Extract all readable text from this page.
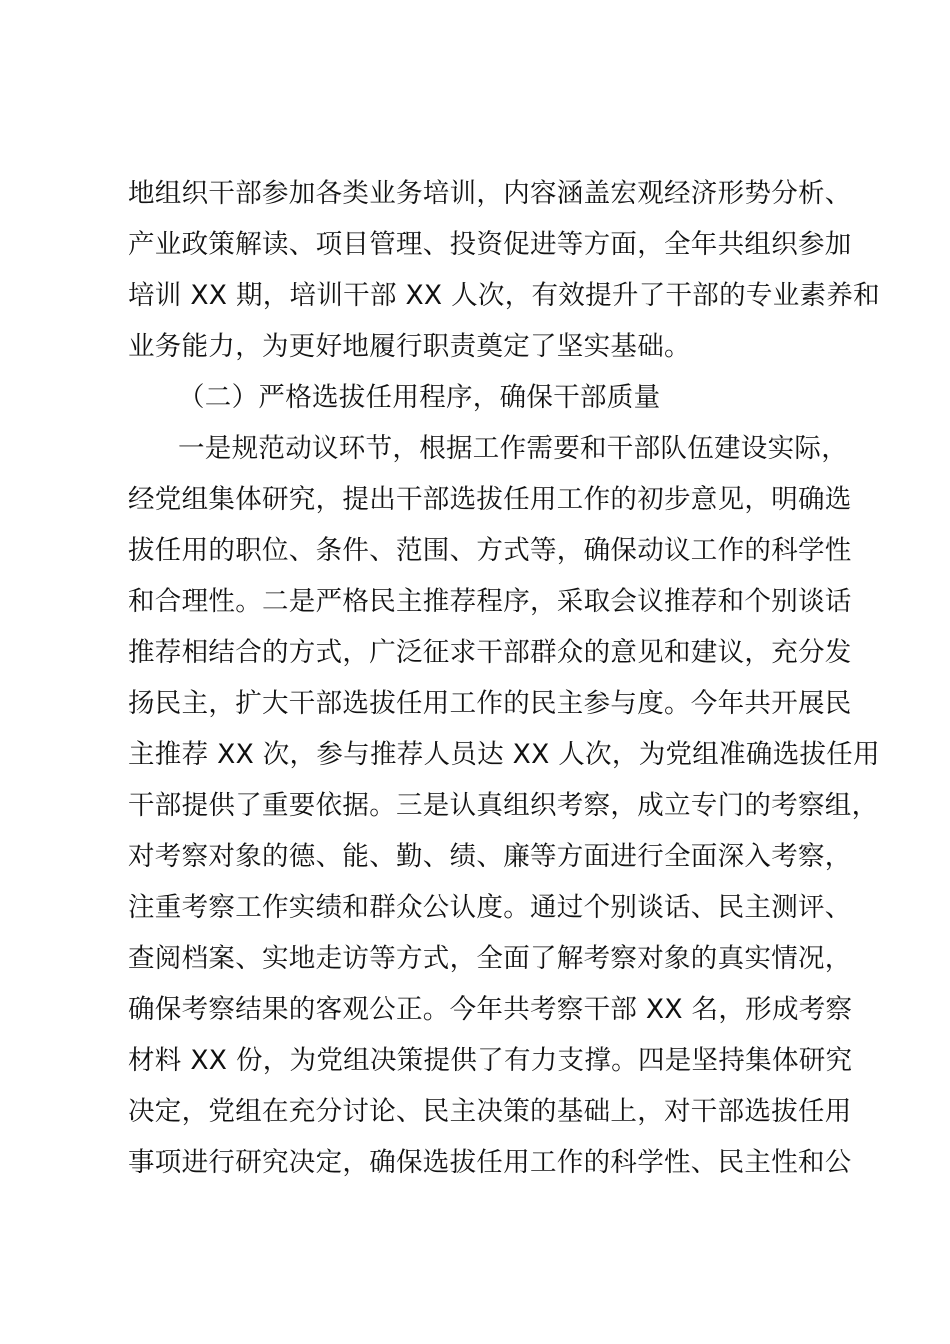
地组织干部参加各类业务培训，内容涵盖宏观经济形势分析、
产业政策解读、项目管理、投资促进等方面，全年共组织参加
培训 XX 期，培训干部 XX 人次，有效提升了干部的专业素养和
业务能力，为更好地履行职责奠定了坚实基础。
（二）严格选拔任用程序，确保干部质量
一是规范动议环节，根据工作需要和干部队伍建设实际，
经党组集体研究，提出干部选拔任用工作的初步意见，明确选
拔任用的职位、条件、范围、方式等，确保动议工作的科学性
和合理性。二是严格民主推荐程序，采取会议推荐和个别谈话
推荐相结合的方式，广泛征求干部群众的意见和建议，充分发
扬民主，扩大干部选拔任用工作的民主参与度。今年共开展民
主推荐 XX 次，参与推荐人员达 XX 人次，为党组准确选拔任用
干部提供了重要依据。三是认真组织考察，成立专门的考察组，
对考察对象的德、能、勤、绩、廉等方面进行全面深入考察，
注重考察工作实绩和群众公认度。通过个别谈话、民主测评、
查阅档案、实地走访等方式，全面了解考察对象的真实情况，
确保考察结果的客观公正。今年共考察干部 XX 名，形成考察
材料 XX 份，为党组决策提供了有力支撑。四是坚持集体研究
决定，党组在充分讨论、民主决策的基础上，对干部选拔任用
事项进行研究决定，确保选拔任用工作的科学性、民主性和公
